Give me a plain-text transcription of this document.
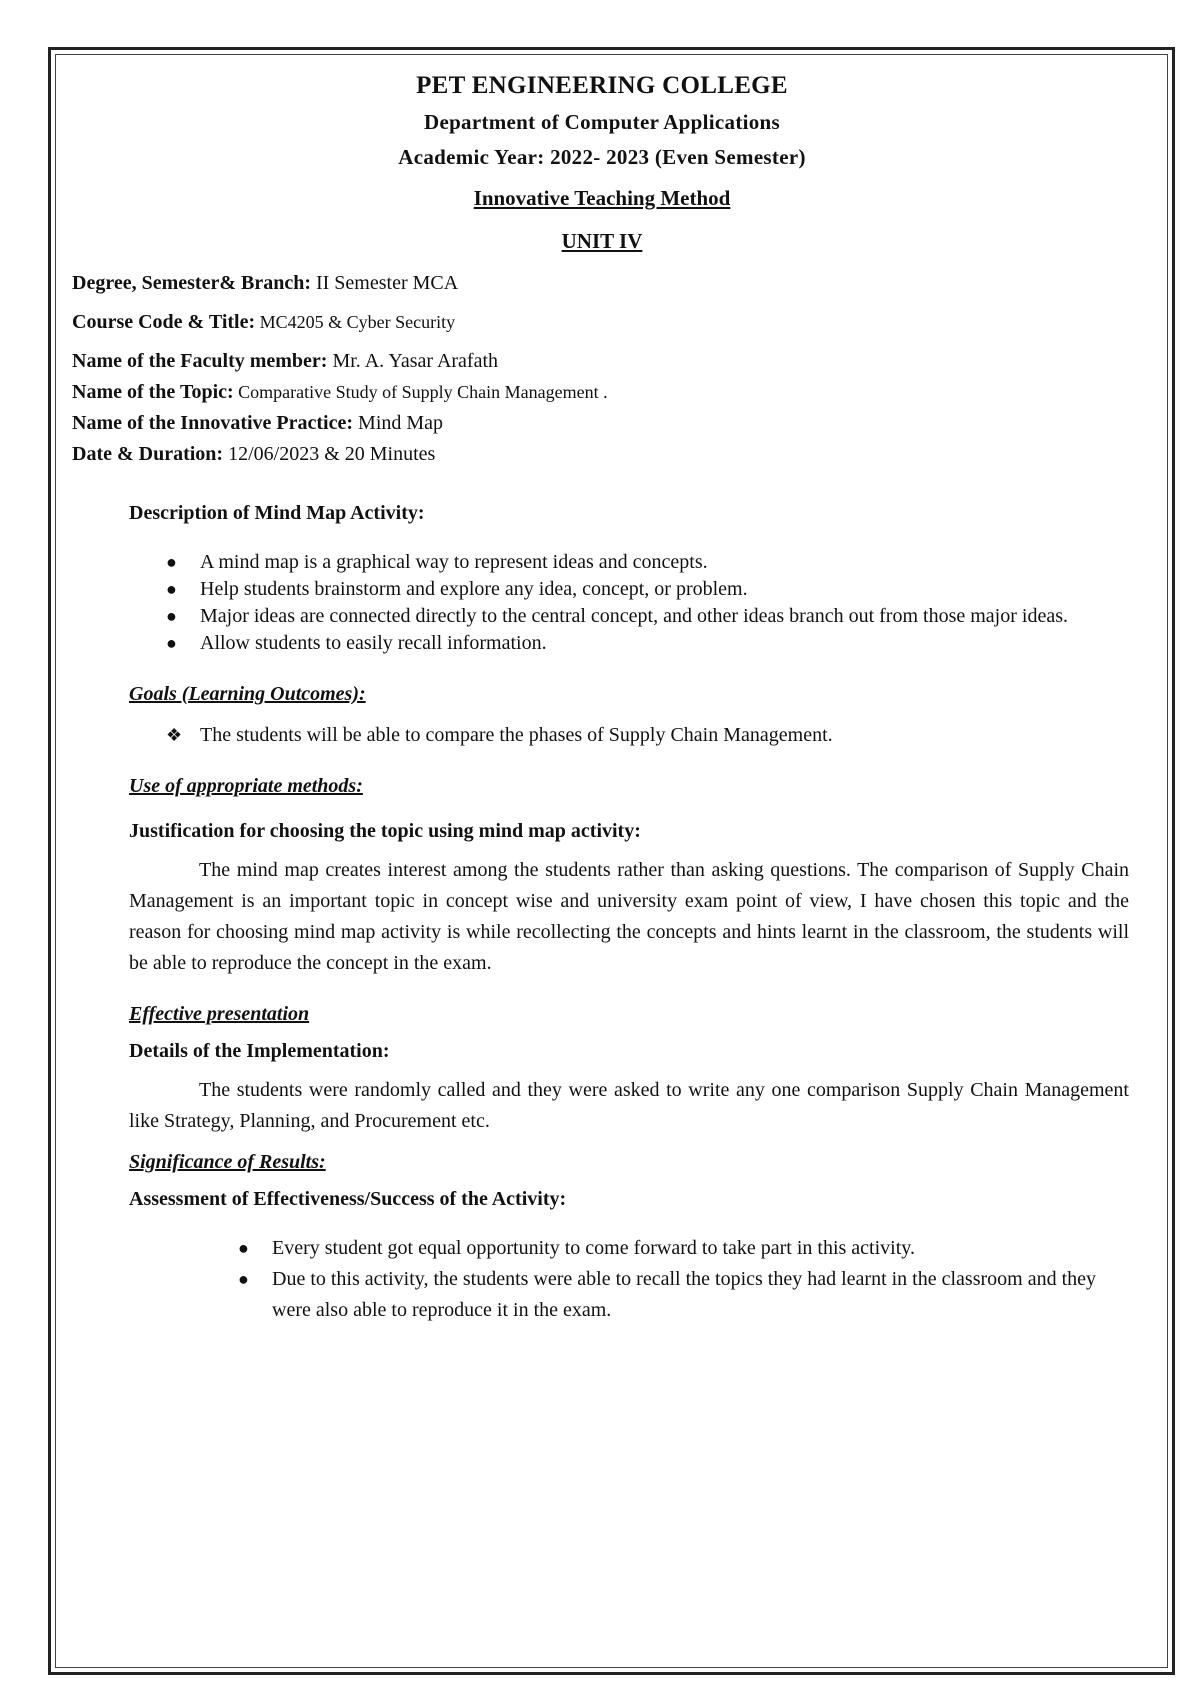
PET ENGINEERING COLLEGE
Department of Computer Applications
Academic Year: 2022- 2023 (Even Semester)
Innovative Teaching Method
UNIT IV
Degree, Semester& Branch: II Semester MCA
Course Code & Title: MC4205 & Cyber Security
Name of the Faculty member: Mr. A. Yasar Arafath
Name of the Topic: Comparative Study of Supply Chain Management .
Name of the Innovative Practice: Mind Map
Date & Duration: 12/06/2023 & 20 Minutes
Description of Mind Map Activity:
● A mind map is a graphical way to represent ideas and concepts.
● Help students brainstorm and explore any idea, concept, or problem.
● Major ideas are connected directly to the central concept, and other ideas branch out from those major ideas.
● Allow students to easily recall information.
Goals (Learning Outcomes):
❖ The students will be able to compare the phases of Supply Chain Management.
Use of appropriate methods:
Justification for choosing the topic using mind map activity:
The mind map creates interest among the students rather than asking questions. The comparison of Supply Chain Management is an important topic in concept wise and university exam point of view, I have chosen this topic and the reason for choosing mind map activity is while recollecting the concepts and hints learnt in the classroom, the students will be able to reproduce the concept in the exam.
Effective presentation
Details of the Implementation:
The students were randomly called and they were asked to write any one comparison Supply Chain Management like Strategy, Planning, and Procurement etc.
Significance of Results:
Assessment of Effectiveness/Success of the Activity:
● Every student got equal opportunity to come forward to take part in this activity.
● Due to this activity, the students were able to recall the topics they had learnt in the classroom and they were also able to reproduce it in the exam.
